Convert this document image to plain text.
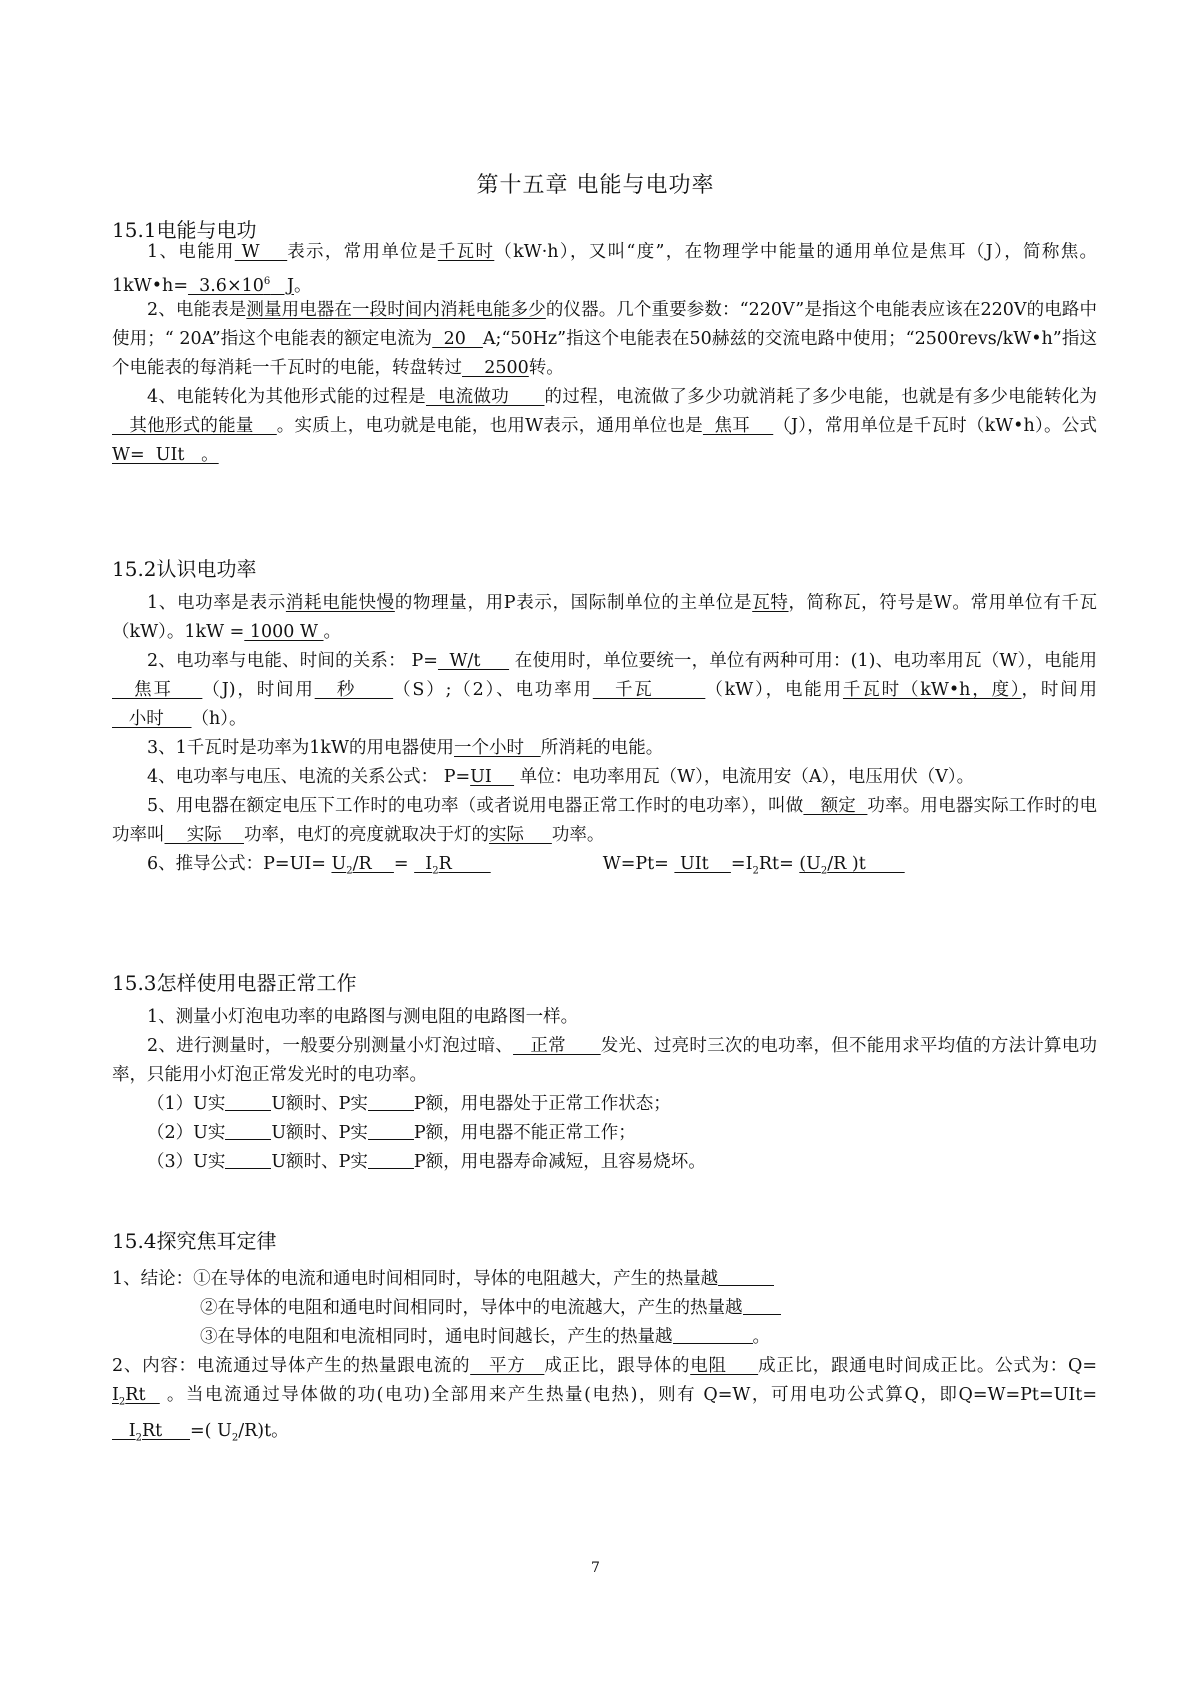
第十五章 电能与电功率
15.1电能与电功
1、电能用 W    表示，常用单位是千瓦时（kW·h），又叫“度”，在物理学中能量的通用单位是焦耳（J），简称焦。1kW•h=  $3.6\times 10^6$   J。
2、电能表是测量用电器在一段时间内消耗电能多少的仪器。几个重要参数：“220V”是指这个电能表应该在220V的电路中使用；“ 20A”指这个电能表的额定电流为  20   A;“50Hz”指这个电能表在50赫兹的交流电路中使用；“2500revs/kW•h”指这个电能表的每消耗一千瓦时的电能，转盘转过    2500转。
4、电能转化为其他形式能的过程是  电流做功      的过程，电流做了多少功就消耗了多少电能，也就是有多少电能转化为   其他形式的能量    。实质上，电功就是电能，也用W表示，通用单位也是  焦耳    （J），常用单位是千瓦时（kW•h）。公式W=  UIt   。
15.2认识电功率
1、电功率是表示消耗电能快慢的物理量，用P表示，国际制单位的主单位是瓦特，简称瓦，符号是W。常用单位有千瓦（kW）。1kW = 1000 W 。
2、电功率与电能、时间的关系： P=  W/t      在使用时，单位要统一，单位有两种可用：(1)、电功率用瓦（W），电能用   焦耳    （J)，时间用   秒     （S）;（2）、电功率用   千瓦       （kW），电能用千瓦时（kW•h，度），时间用   小时     （h）。
3、1千瓦时是功率为1kW的用电器使用一个小时   所消耗的电能。
4、电功率与电压、电流的关系公式： P=UI     单位：电功率用瓦（W），电流用安（A），电压用伏（V）。
5、用电器在额定电压下工作时的电功率（或者说用电器正常工作时的电功率），叫做   额定  功率。用电器实际工作时的电功率叫    实际    功率，电灯的亮度就取决于灯的实际     功率。
6、推导公式：$P=UI= U_2/R$    =   $I_2R$	W=Pt=  UIt    $=I_2Rt= (U_2/R$ )t
15.3怎样使用电器正常工作
1、测量小灯泡电功率的电路图与测电阻的电路图一样。
2、进行测量时，一般要分别测量小灯泡过暗、   正常      发光、过亮时三次的电功率，但不能用求平均值的方法计算电功率，只能用小灯泡正常发光时的电功率。
（1）U实	U额时、P实	P额，用电器处于正常工作状态；
（2）U实	U额时、P实	P额，用电器不能正常工作；
（3）U实	U额时、P实	P额，用电器寿命减短，且容易烧坏。
15.4探究焦耳定律
1、结论：①在导体的电流和通电时间相同时，导体的电阻越大，产生的热量越
②在导体的电阻和通电时间相同时，导体中的电流越大，产生的热量越
③在导体的电阻和电流相同时，通电时间越长，产生的热量越	。
2、内容：电流通过导体产生的热量跟电流的   平方   成正比，跟导体的电阻     成正比，跟通电时间成正比。公式为：$Q= I_2Rt$   。当电流通过导体做的功(电功)全部用来产生热量(电热)，则有 Q=W，可用电功公式算Q，即$Q=W=Pt=UIt= I_2Rt$     =( $U_2/R)t$。
7
